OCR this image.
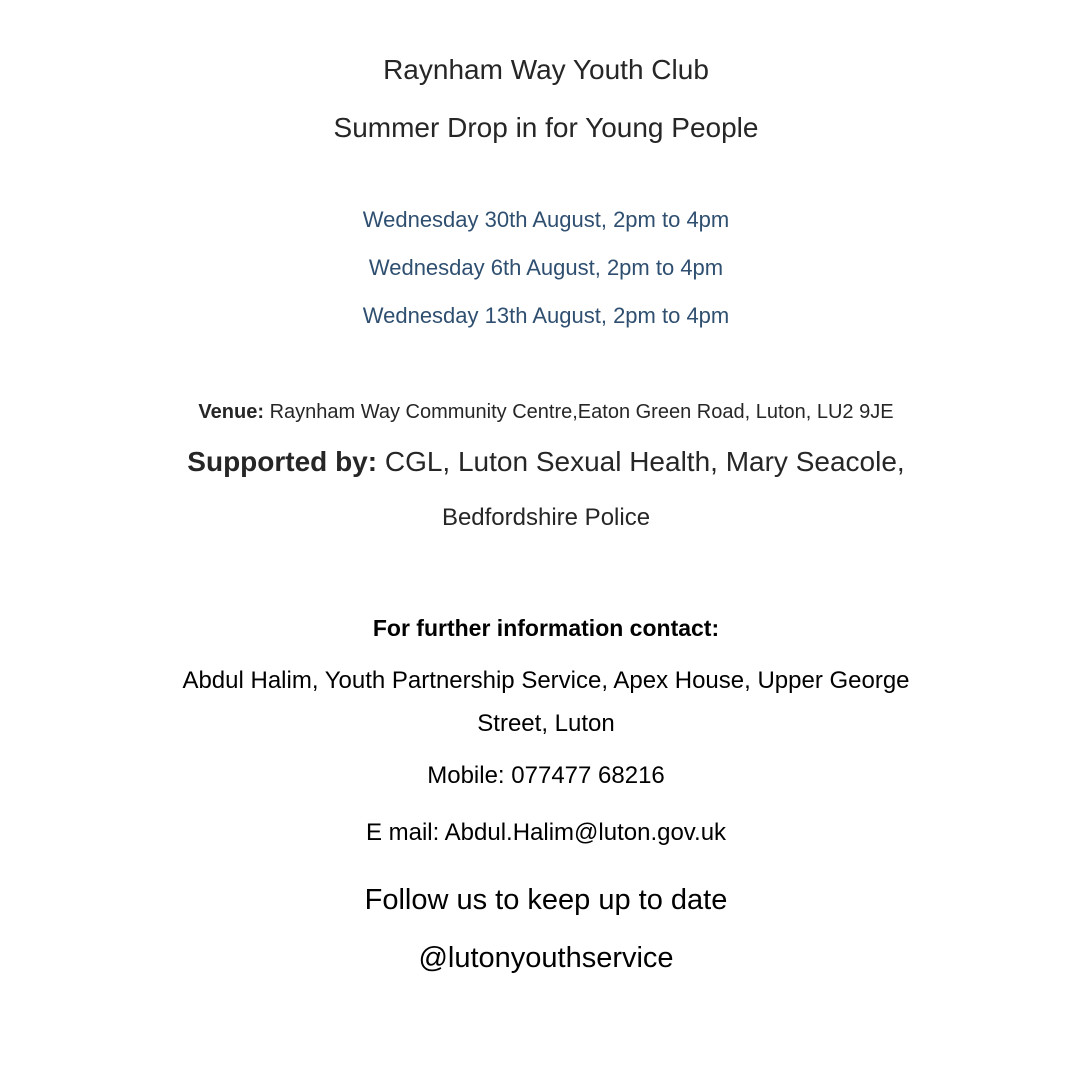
Raynham Way Youth Club
Summer Drop in for Young People
Wednesday 30th August, 2pm to 4pm
Wednesday 6th August, 2pm to 4pm
Wednesday 13th August, 2pm to 4pm
Venue: Raynham Way Community Centre,Eaton Green Road, Luton, LU2 9JE
Supported by: CGL, Luton Sexual Health, Mary Seacole,
Bedfordshire Police
For further information contact:
Abdul Halim, Youth Partnership Service, Apex House, Upper George
Street, Luton
Mobile: 077477 68216
E mail: Abdul.Halim@luton.gov.uk
Follow us to keep up to date
@lutonyouthservice
